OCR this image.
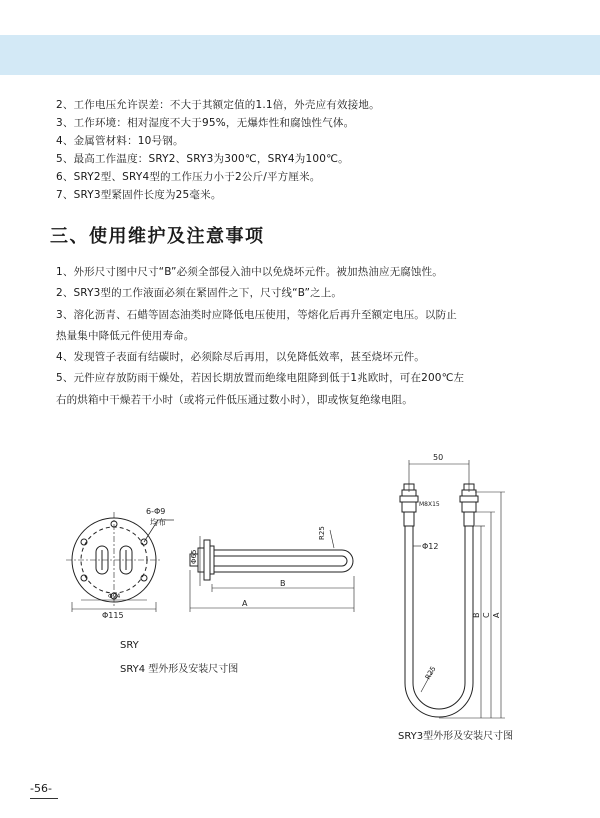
2、工作电压允许误差：不大于其额定值的1.1倍，外壳应有效接地。
3、工作环境：相对湿度不大于95%，无爆炸性和腐蚀性气体。
4、金属管材料：10号钢。
5、最高工作温度：SRY2、SRY3为300℃，SRY4为100℃。
6、SRY2型、SRY4型的工作压力小于2公斤/平方厘米。
7、SRY3型紧固件长度为25毫米。
三、使用维护及注意事项
1、外形尺寸图中尺寸“B”必须全部侵入油中以免烧坏元件。被加热油应无腐蚀性。
2、SRY3型的工作液面必须在紧固件之下，尺寸线“B”之上。
3、溶化沥青、石蜡等固态油类时应降低电压使用，等熔化后再升至额定电压。以防止
热量集中降低元件使用寿命。
4、发现管子表面有结碳时，必须除尽后再用，以免降低效率，甚至烧坏元件。
5、元件应存放防雨干燥处，若因长期放置而绝缘电阻降到低于1兆欧时，可在200℃左
右的烘箱中干燥若干小时（或将元件低压通过数小时），即或恢复绝缘电阻。
6-Φ9
均布
Φ94
Φ115
Φ65
R25
B
A
SRY
SRY4 型外形及安装尺寸图
50
M8X15
Φ12
B C A
R25
SRY3型外形及安装尺寸图
-56-
